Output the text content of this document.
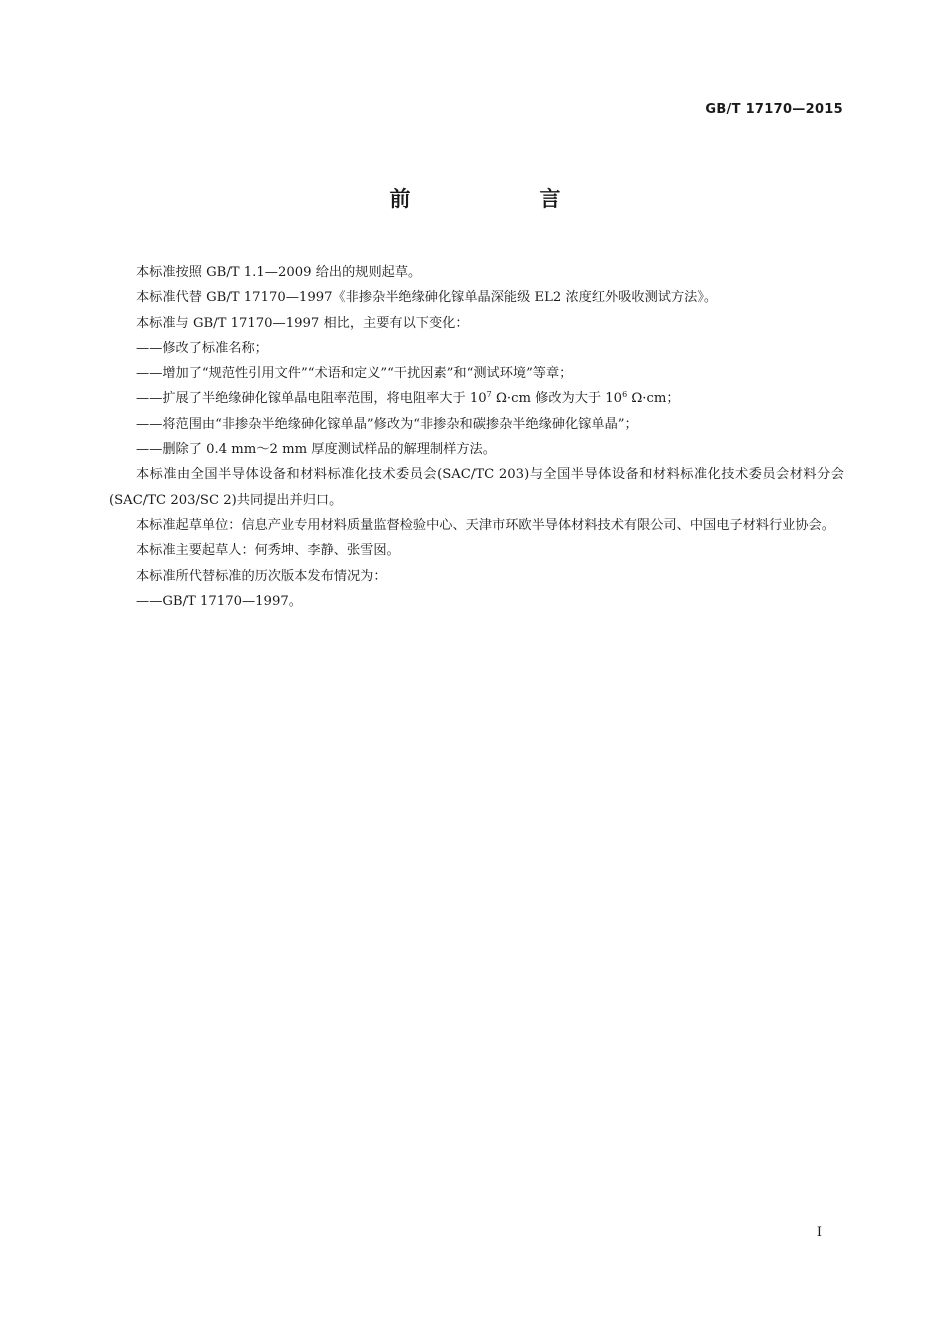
GB/T 17170—2015
前　言

本标准按照 GB/T 1.1—2009 给出的规则起草。

本标准代替 GB/T 17170—1997《非掺杂半绝缘砷化镓单晶深能级 EL2 浓度红外吸收测试方法》。

本标准与 GB/T 17170—1997 相比，主要有以下变化：

——修改了标准名称；

——增加了“规范性引用文件”“术语和定义”“干扰因素”和“测试环境”等章；

——扩展了半绝缘砷化镓单晶电阻率范围，将电阻率大于 $10^7$ Ω·cm 修改为大于 $10^6$ Ω·cm；

——将范围由“非掺杂半绝缘砷化镓单晶”修改为“非掺杂和碳掺杂半绝缘砷化镓单晶”；

——删除了 0.4 mm～2 mm 厚度测试样品的解理制样方法。

本标准由全国半导体设备和材料标准化技术委员会(SAC/TC 203)与全国半导体设备和材料标准化技术委员会材料分会(SAC/TC 203/SC 2)共同提出并归口。

本标准起草单位：信息产业专用材料质量监督检验中心、天津市环欧半导体材料技术有限公司、中国电子材料行业协会。

本标准主要起草人：何秀坤、李静、张雪囡。

本标准所代替标准的历次版本发布情况为：

——GB/T 17170—1997。

I
